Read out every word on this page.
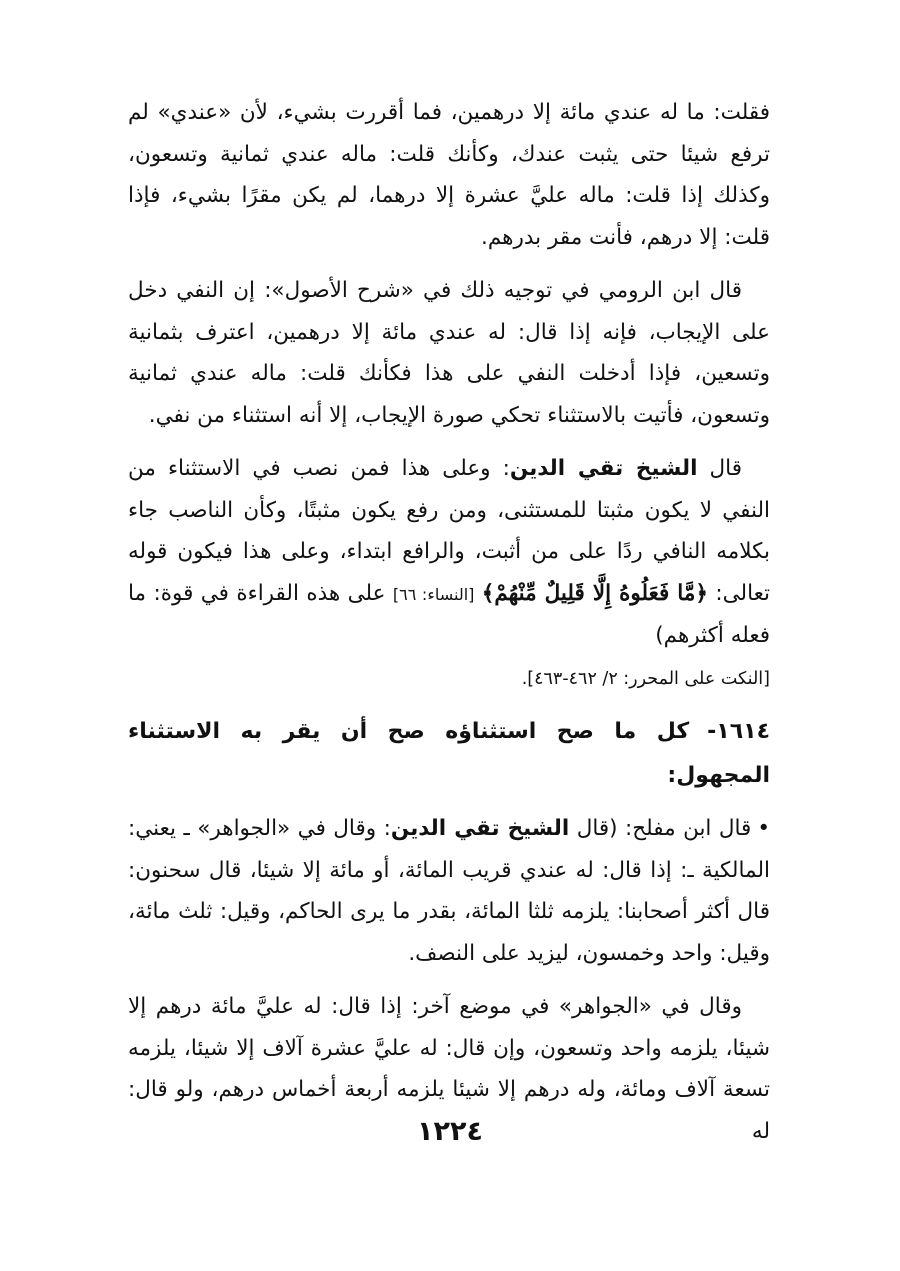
فقلت: ما له عندي مائة إلا درهمين، فما أقررت بشيء، لأن «عندي» لم ترفع شيئا حتى يثبت عندك، وكأنك قلت: ماله عندي ثمانية وتسعون، وكذلك إذا قلت: ماله عليَّ عشرة إلا درهما، لم يكن مقرًا بشيء، فإذا قلت: إلا درهم، فأنت مقر بدرهم.

قال ابن الرومي في توجيه ذلك في «شرح الأصول»: إن النفي دخل على الإيجاب، فإنه إذا قال: له عندي مائة إلا درهمين، اعترف بثمانية وتسعين، فإذا أدخلت النفي على هذا فكأنك قلت: ماله عندي ثمانية وتسعون، فأتيت بالاستثناء تحكي صورة الإيجاب، إلا أنه استثناء من نفي.

قال الشيخ تقي الدين: وعلى هذا فمن نصب في الاستثناء من النفي لا يكون مثبتا للمستثنى، ومن رفع يكون مثبتًا، وكأن الناصب جاء بكلامه النافي ردًا على من أثبت، والرافع ابتداء، وعلى هذا فيكون قوله تعالى: ﴿مَّا فَعَلُوهُ إِلَّا قَلِيلٌ مِّنْهُمْ﴾ [النساء: ٦٦] على هذه القراءة في قوة: ما فعله أكثرهم)
[النكت على المحرر: ٢/ ٤٦٢-٤٦٣].

١٦١٤-كل ما صح استثناؤه صح أن يقر به الاستثناء المجهول:

•قال ابن مفلح: (قال الشيخ تقي الدين: وقال في «الجواهر» ـ يعني: المالكية ـ: إذا قال: له عندي قريب المائة، أو مائة إلا شيئا، قال سحنون: قال أكثر أصحابنا: يلزمه ثلثا المائة، بقدر ما يرى الحاكم، وقيل: ثلث مائة، وقيل: واحد وخمسون، ليزيد على النصف.

وقال في «الجواهر» في موضع آخر: إذا قال: له عليَّ مائة درهم إلا شيئا، يلزمه واحد وتسعون، وإن قال: له عليَّ عشرة آلاف إلا شيئا، يلزمه تسعة آلاف ومائة، وله درهم إلا شيئا يلزمه أربعة أخماس درهم، ولو قال: له

١٢٢٤
